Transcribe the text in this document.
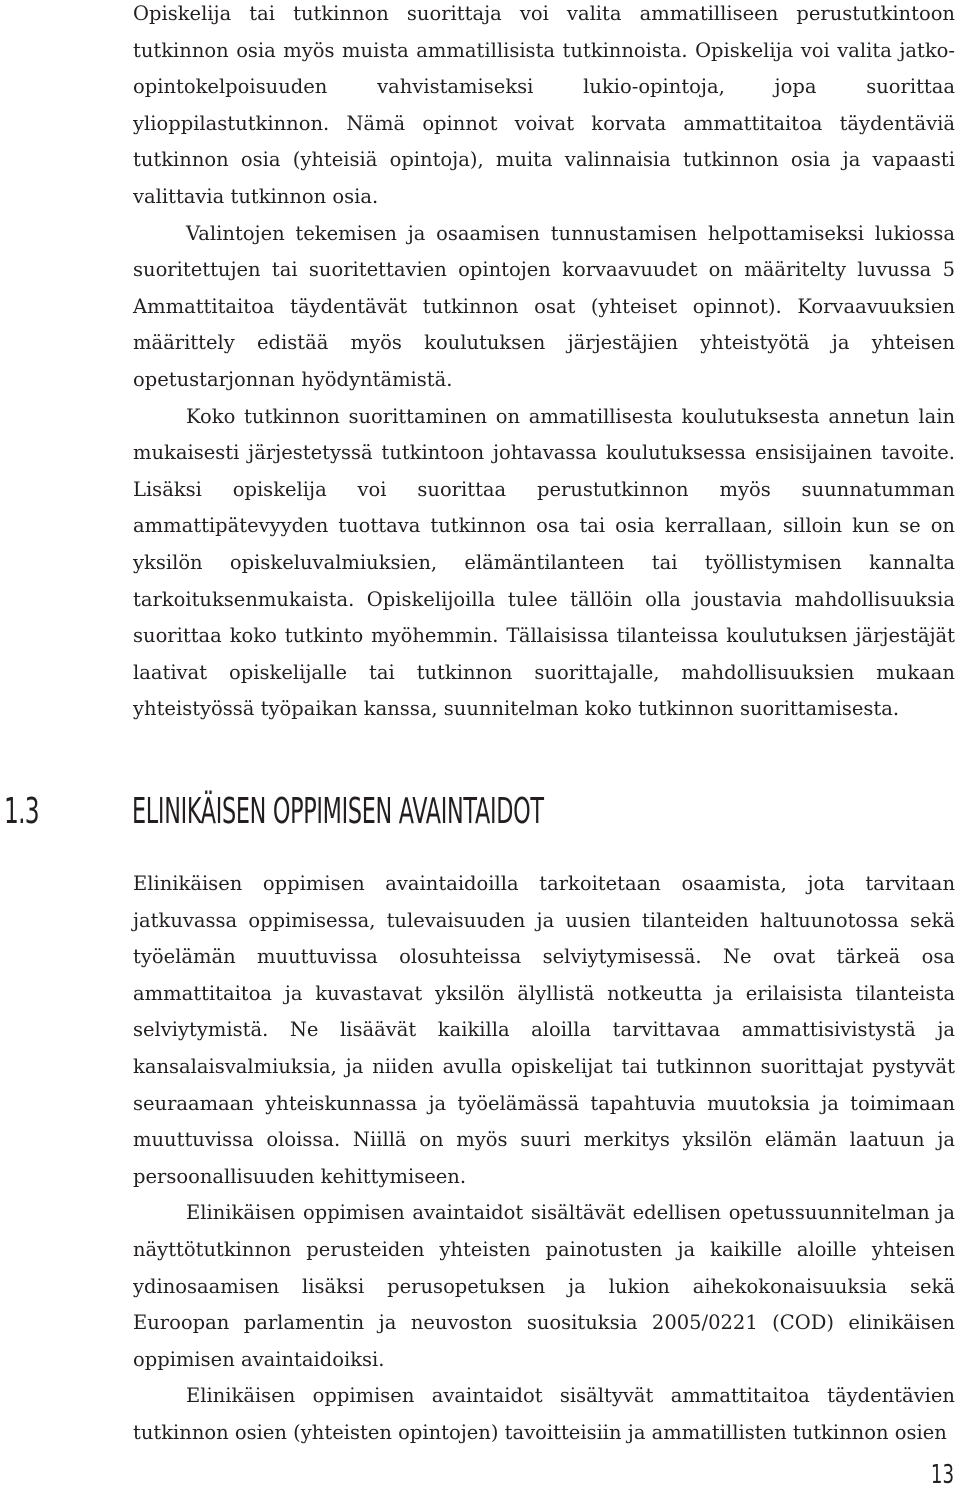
Opiskelija tai tutkinnon suorittaja voi valita ammatilliseen perustutkintoon tutkinnon osia myös muista ammatillisista tutkinnoista. Opiskelija voi valita jatko-opintokelpoisuuden vahvistamiseksi lukio-opintoja, jopa suorittaa ylioppilastutkinnon. Nämä opinnot voivat korvata ammattitaitoa täydentäviä tutkinnon osia (yhteisiä opintoja), muita valinnaisia tutkinnon osia ja vapaasti valittavia tutkinnon osia.

Valintojen tekemisen ja osaamisen tunnustamisen helpottamiseksi lukiossa suoritettujen tai suoritettavien opintojen korvaavuudet on määritelty luvussa 5 Ammattitaitoa täydentävät tutkinnon osat (yhteiset opinnot). Korvaavuuksien määrittely edistää myös koulutuksen järjestäjien yhteistyötä ja yhteisen opetustarjonnan hyödyntämistä.

Koko tutkinnon suorittaminen on ammatillisesta koulutuksesta annetun lain mukaisesti järjestetyssä tutkintoon johtavassa koulutuksessa ensisijainen tavoite. Lisäksi opiskelija voi suorittaa perustutkinnon myös suunnatumman ammattipätevyyden tuottava tutkinnon osa tai osia kerrallaan, silloin kun se on yksilön opiskeluvalmiuksien, elämäntilanteen tai työllistymisen kannalta tarkoituksenmukaista. Opiskelijoilla tulee tällöin olla joustavia mahdollisuuksia suorittaa koko tutkinto myöhemmin. Tällaisissa tilanteissa koulutuksen järjestäjät laativat opiskelijalle tai tutkinnon suorittajalle, mahdollisuuksien mukaan yhteistyössä työpaikan kanssa, suunnitelman koko tutkinnon suorittamisesta.

1.3	ELINIKÄISEN OPPIMISEN AVAINTAIDOT

Elinikäisen oppimisen avaintaidoilla tarkoitetaan osaamista, jota tarvitaan jatkuvassa oppimisessa, tulevaisuuden ja uusien tilanteiden haltuunotossa sekä työelämän muuttuvissa olosuhteissa selviytymisessä. Ne ovat tärkeä osa ammattitaitoa ja kuvastavat yksilön älyllistä notkeutta ja erilaisista tilanteista selviytymistä. Ne lisäävät kaikilla aloilla tarvittavaa ammattisivistystä ja kansalaisvalmiuksia, ja niiden avulla opiskelijat tai tutkinnon suorittajat pystyvät seuraamaan yhteiskunnassa ja työelämässä tapahtuvia muutoksia ja toimimaan muuttuvissa oloissa. Niillä on myös suuri merkitys yksilön elämän laatuun ja persoonallisuuden kehittymiseen.

Elinikäisen oppimisen avaintaidot sisältävät edellisen opetussuunnitelman ja näyttötutkinnon perusteiden yhteisten painotusten ja kaikille aloille yhteisen ydinosaamisen lisäksi perusopetuksen ja lukion aihekokonaisuuksia sekä Euroopan parlamentin ja neuvoston suosituksia 2005/0221 (COD) elinikäisen oppimisen avaintaidoiksi.

Elinikäisen oppimisen avaintaidot sisältyvät ammattitaitoa täydentävien tutkinnon osien (yhteisten opintojen) tavoitteisiin ja ammatillisten tutkinnon osien

13
